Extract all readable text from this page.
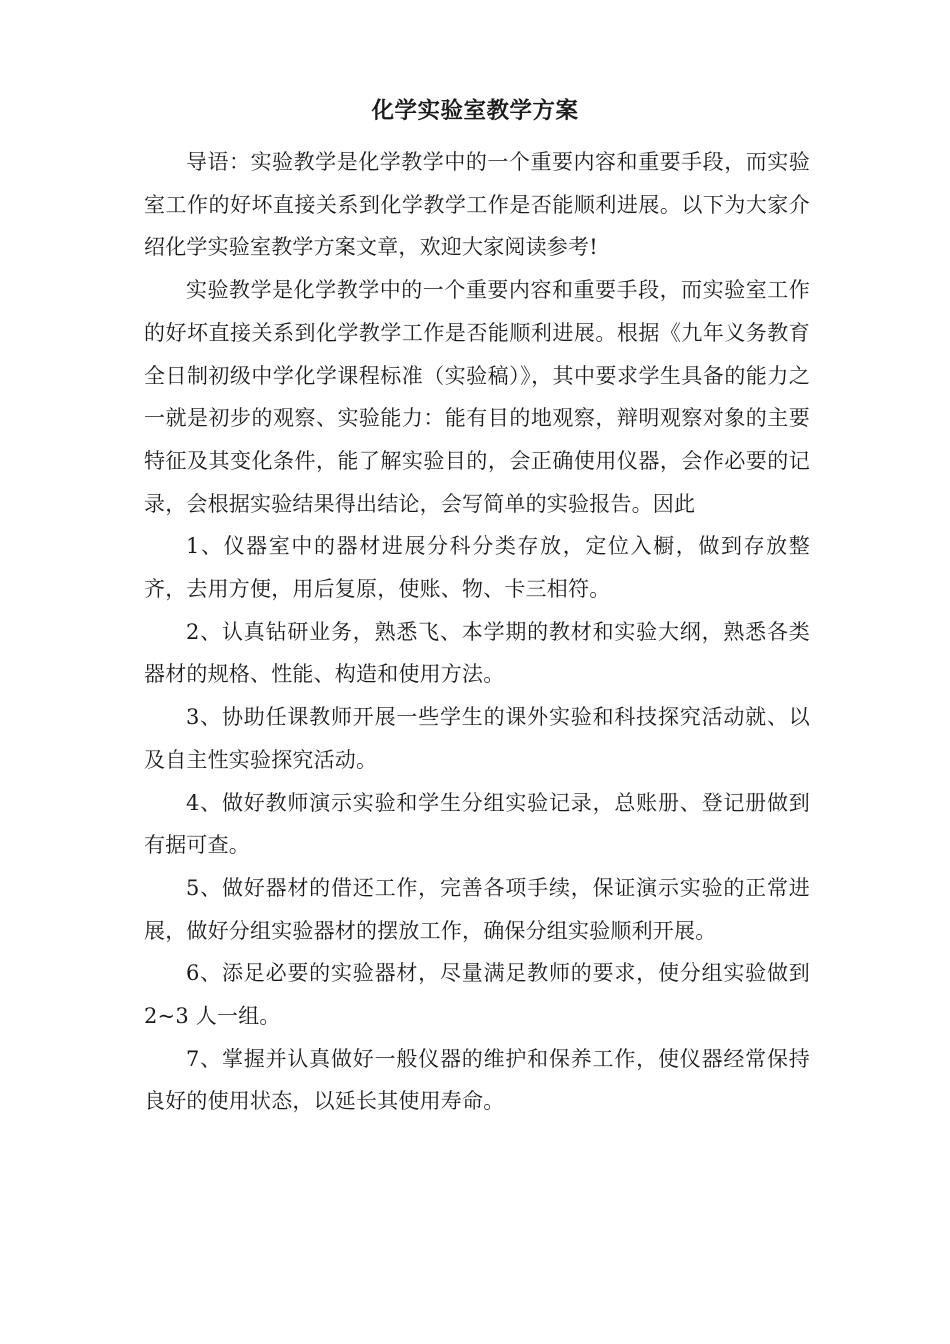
化学实验室教学方案

导语：实验教学是化学教学中的一个重要内容和重要手段，而实验室工作的好坏直接关系到化学教学工作是否能顺利进展。以下为大家介绍化学实验室教学方案文章，欢迎大家阅读参考!

实验教学是化学教学中的一个重要内容和重要手段，而实验室工作的好坏直接关系到化学教学工作是否能顺利进展。根据《九年义务教育全日制初级中学化学课程标准（实验稿）》，其中要求学生具备的能力之一就是初步的观察、实验能力：能有目的地观察，辩明观察对象的主要特征及其变化条件，能了解实验目的，会正确使用仪器，会作必要的记录，会根据实验结果得出结论，会写简单的实验报告。因此

1、仪器室中的器材进展分科分类存放，定位入橱，做到存放整齐，去用方便，用后复原，使账、物、卡三相符。

2、认真钻研业务，熟悉飞、本学期的教材和实验大纲，熟悉各类器材的规格、性能、构造和使用方法。

3、协助任课教师开展一些学生的课外实验和科技探究活动就、以及自主性实验探究活动。

4、做好教师演示实验和学生分组实验记录，总账册、登记册做到有据可查。

5、做好器材的借还工作，完善各项手续，保证演示实验的正常进展，做好分组实验器材的摆放工作，确保分组实验顺利开展。

6、添足必要的实验器材，尽量满足教师的要求，使分组实验做到 2~3 人一组。

7、掌握并认真做好一般仪器的维护和保养工作，使仪器经常保持良好的使用状态，以延长其使用寿命。
